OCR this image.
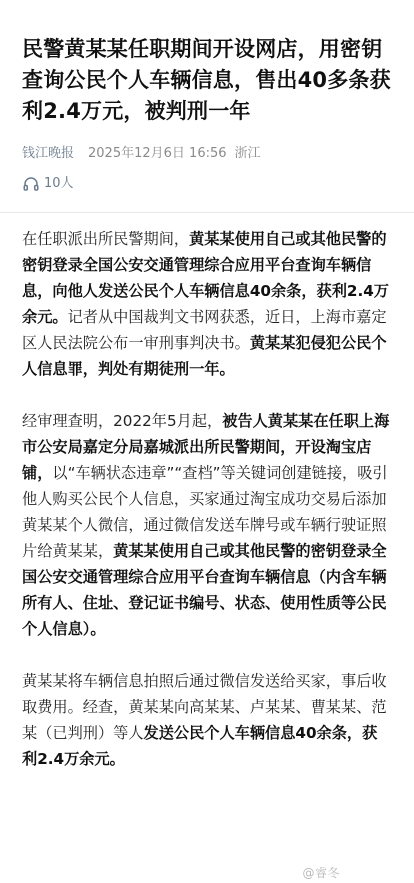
民警黄某某任职期间开设网店，用密钥查询公民个人车辆信息，售出40多条获利2.4万元，被判刑一年
钱江晚报 2025年12月6日 16:56 浙江
10人

在任职派出所民警期间，黄某某使用自己或其他民警的密钥登录全国公安交通管理综合应用平台查询车辆信息，向他人发送公民个人车辆信息40余条，获利2.4万余元。记者从中国裁判文书网获悉，近日，上海市嘉定区人民法院公布一审刑事判决书。黄某某犯侵犯公民个人信息罪，判处有期徒刑一年。

经审理查明，2022年5月起，被告人黄某某在任职上海市公安局嘉定分局嘉城派出所民警期间，开设淘宝店铺，以“车辆状态违章”“查档”等关键词创建链接，吸引他人购买公民个人信息，买家通过淘宝成功交易后添加黄某某个人微信，通过微信发送车牌号或车辆行驶证照片给黄某某，黄某某使用自己或其他民警的密钥登录全国公安交通管理综合应用平台查询车辆信息（内含车辆所有人、住址、登记证书编号、状态、使用性质等公民个人信息）。

黄某某将车辆信息拍照后通过微信发送给买家，事后收取费用。经查，黄某某向高某某、卢某某、曹某某、范某（已判刑）等人发送公民个人车辆信息40余条，获利2.4万余元。

@睿冬
